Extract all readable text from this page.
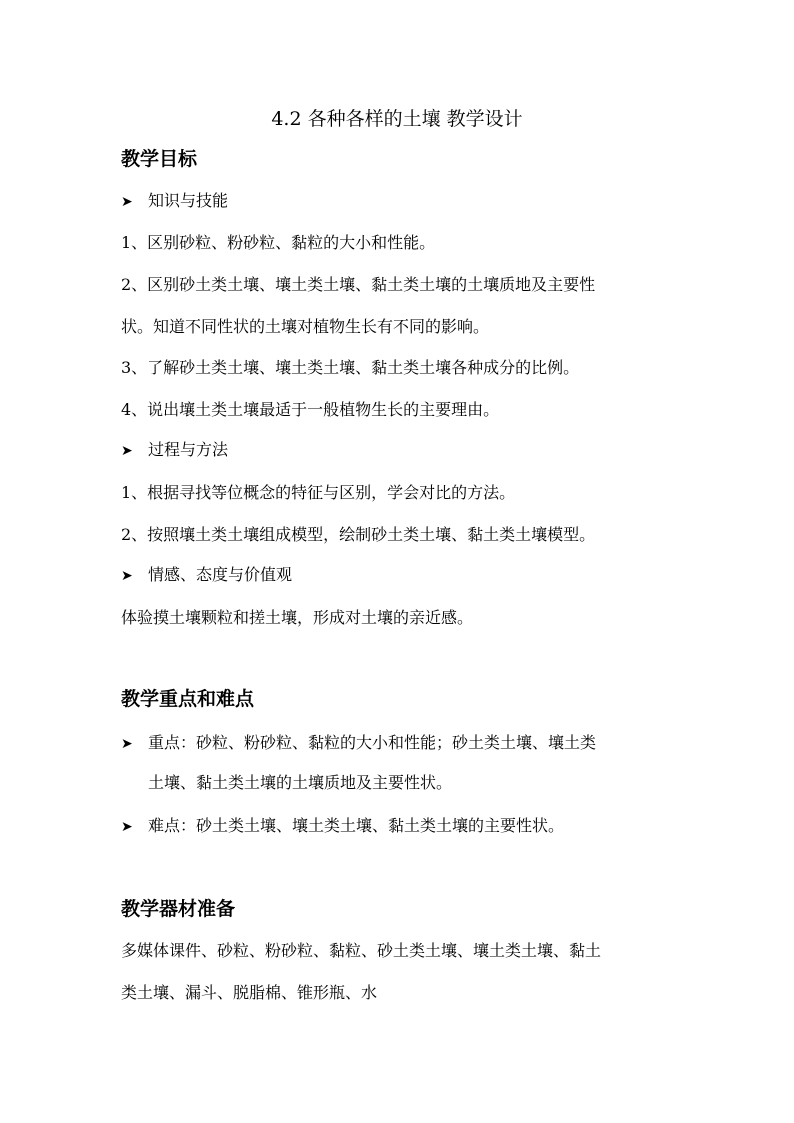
4.2 各种各样的土壤 教学设计
教学目标
➤ 知识与技能
1、区别砂粒、粉砂粒、黏粒的大小和性能。
2、区别砂土类土壤、壤土类土壤、黏土类土壤的土壤质地及主要性
状。知道不同性状的土壤对植物生长有不同的影响。
3、了解砂土类土壤、壤土类土壤、黏土类土壤各种成分的比例。
4、说出壤土类土壤最适于一般植物生长的主要理由。
➤ 过程与方法
1、根据寻找等位概念的特征与区别，学会对比的方法。
2、按照壤土类土壤组成模型，绘制砂土类土壤、黏土类土壤模型。
➤ 情感、态度与价值观
体验摸土壤颗粒和搓土壤，形成对土壤的亲近感。
教学重点和难点
➤ 重点：砂粒、粉砂粒、黏粒的大小和性能；砂土类土壤、壤土类
土壤、黏土类土壤的土壤质地及主要性状。
➤ 难点：砂土类土壤、壤土类土壤、黏土类土壤的主要性状。
教学器材准备
多媒体课件、砂粒、粉砂粒、黏粒、砂土类土壤、壤土类土壤、黏土
类土壤、漏斗、脱脂棉、锥形瓶、水
